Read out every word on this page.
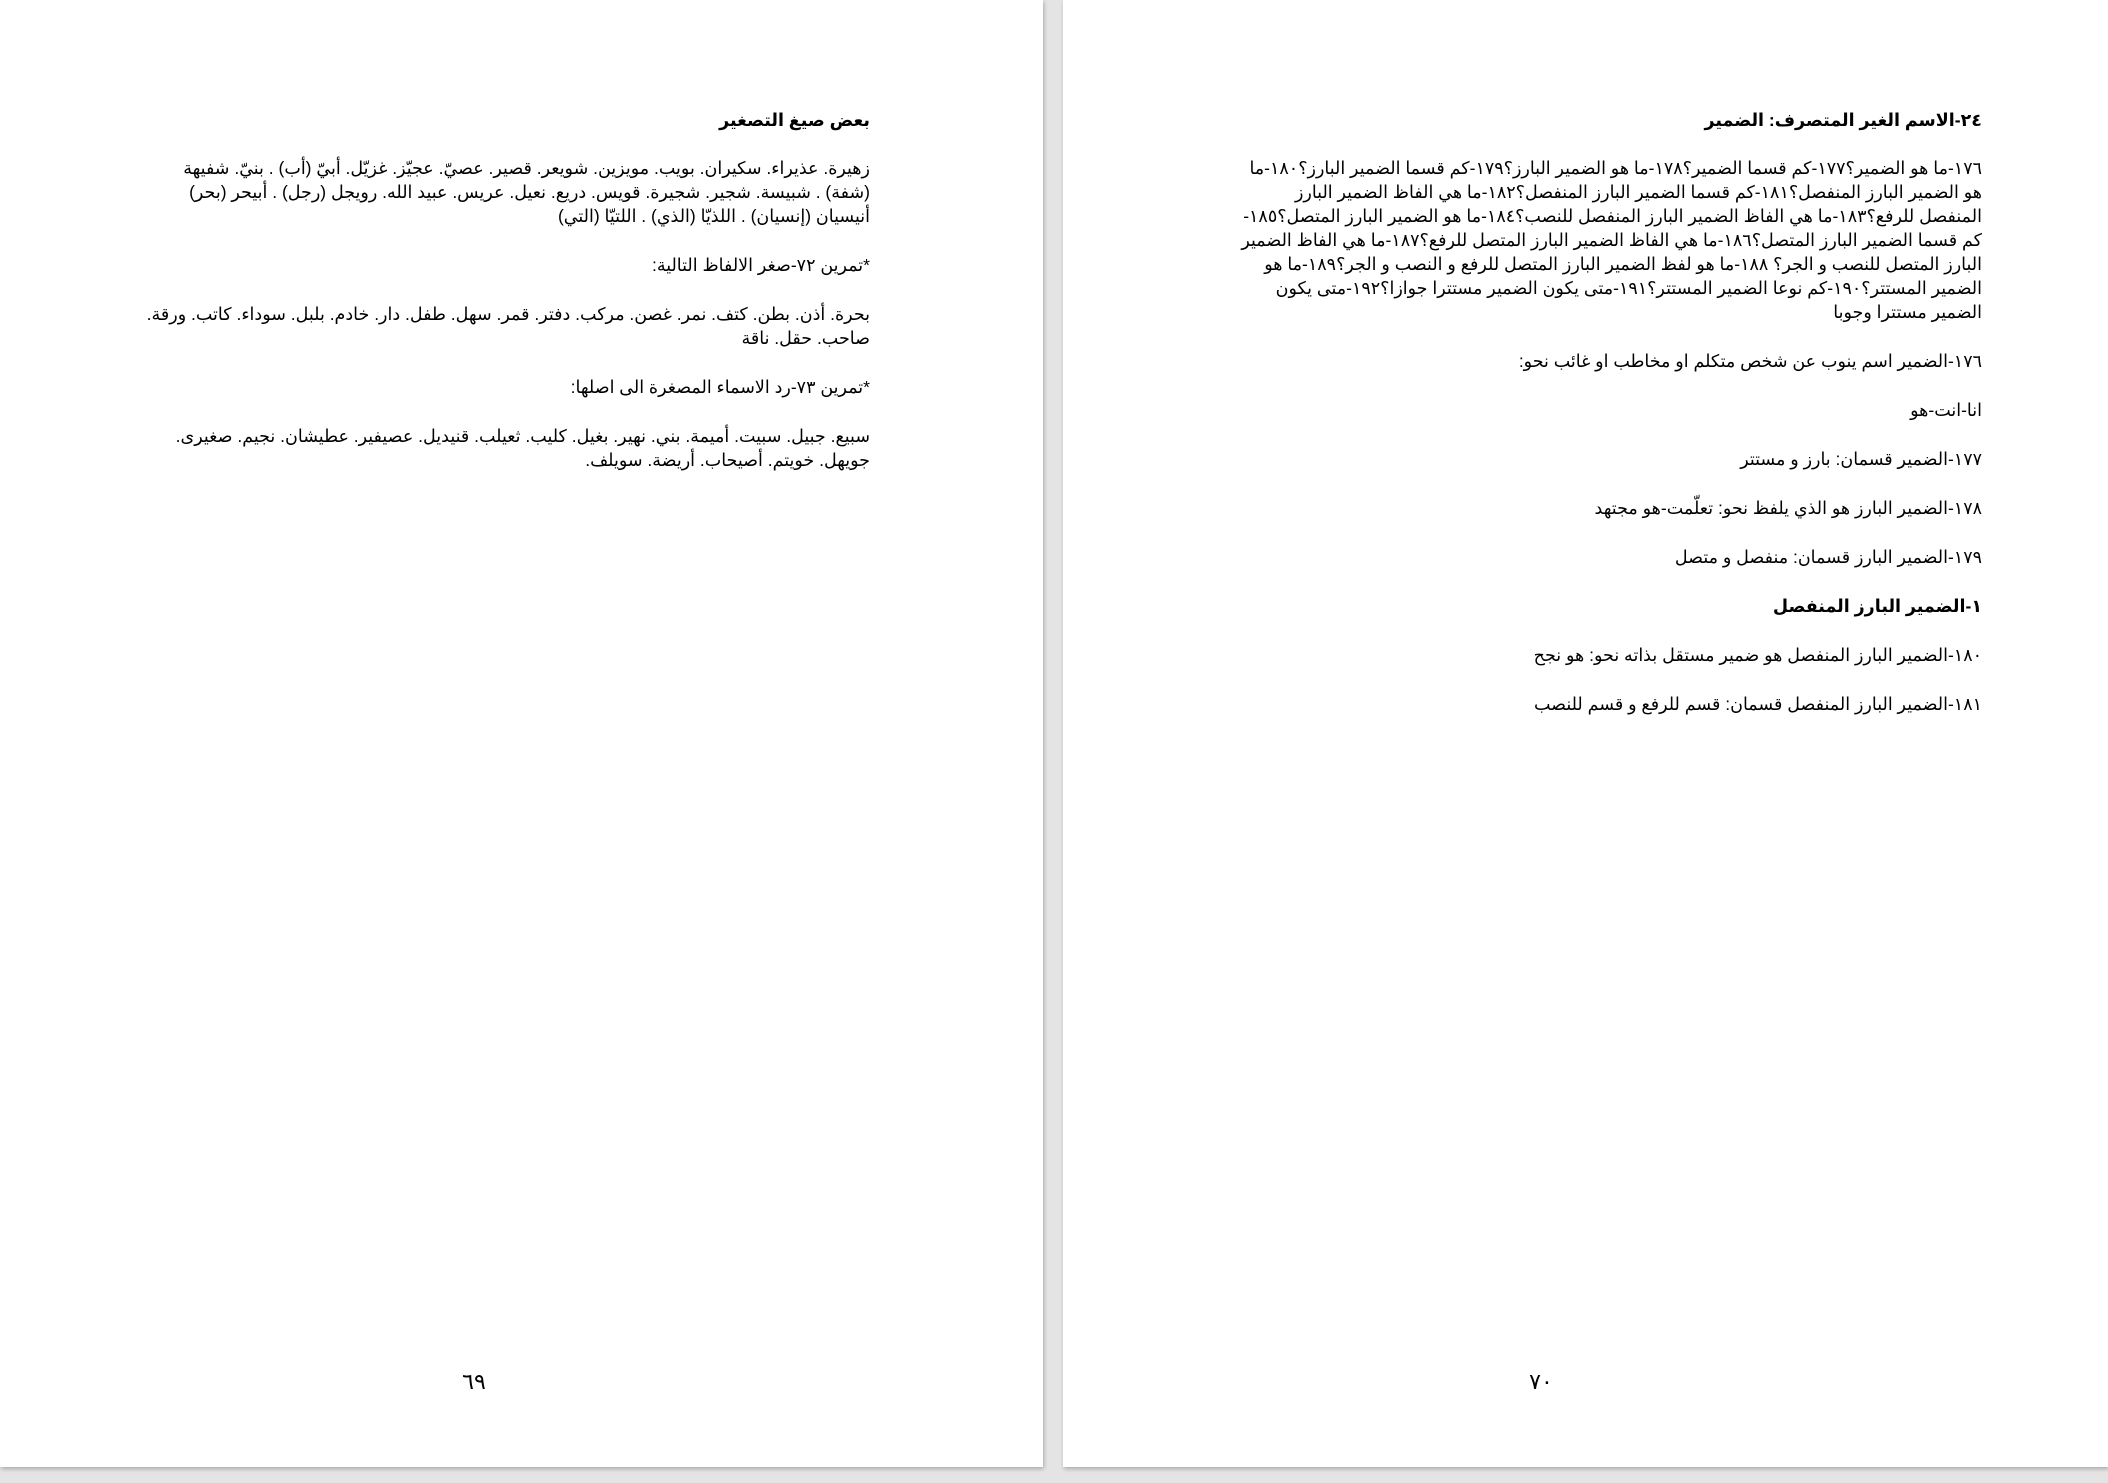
بعض صيغ التصغير
زهيرة. عذيراء. سكيران. بويب. مويزين. شويعر. قصير. عصيّ. عجيّز. غزيّل. أبيّ (أب) . بنيّ. شفيهة (شفة) . شبيسة. شجير. شجيرة. قويس. دريع. نعيل. عريس. عبيد الله. رويجل (رجل) . أبيحر (بحر) أنيسيان (إنسيان) . اللذيّا (الذي) . اللتيّا (التي)
*تمرين ٧٢-صغر الالفاظ التالية:
بحرة. أذن. بطن. كتف. نمر. غصن. مركب. دفتر. قمر. سهل. طفل. دار. خادم. بلبل. سوداء. كاتب. ورقة. صاحب. حقل. ناقة
*تمرين ٧٣-رد الاسماء المصغرة الى اصلها:
سبيع. جبيل. سبيت. أميمة. بني. نهير. بغيل. كليب. ثعيلب. قنيديل. عصيفير. عطيشان. نجيم. صغيرى. جويهل. خويتم. أصيحاب. أريضة. سويلف.
٦٩
٢٤-الاسم الغير المتصرف: الضمير
١٧٦-ما هو الضمير؟١٧٧-كم قسما الضمير؟١٧٨-ما هو الضمير البارز؟١٧٩-كم قسما الضمير البارز؟١٨٠-ما هو الضمير البارز المنفصل؟١٨١-كم قسما الضمير البارز المنفصل؟١٨٢-ما هي الفاظ الضمير البارز المنفصل للرفع؟١٨٣-ما هي الفاظ الضمير البارز المنفصل للنصب؟١٨٤-ما هو الضمير البارز المتصل؟١٨٥-كم قسما الضمير البارز المتصل؟١٨٦-ما هي الفاظ الضمير البارز المتصل للرفع؟١٨٧-ما هي الفاظ الضمير البارز المتصل للنصب و الجر؟ ١٨٨-ما هو لفظ الضمير البارز المتصل للرفع و النصب و الجر؟١٨٩-ما هو الضمير المستتر؟١٩٠-كم نوعا الضمير المستتر؟١٩١-متى يكون الضمير مستترا جوازا؟١٩٢-متى يكون الضمير مستترا وجوبا
١٧٦-الضمير اسم ينوب عن شخص متكلم او مخاطب او غائب نحو:
انا-انت-هو
١٧٧-الضمير قسمان: بارز و مستتر
١٧٨-الضمير البارز هو الذي يلفظ نحو: تعلّمت-هو مجتهد
١٧٩-الضمير البارز قسمان: منفصل و متصل
١-الضمير البارز المنفصل
١٨٠-الضمير البارز المنفصل هو ضمير مستقل بذاته نحو: هو نجح
١٨١-الضمير البارز المنفصل قسمان: قسم للرفع و قسم للنصب
٧٠
